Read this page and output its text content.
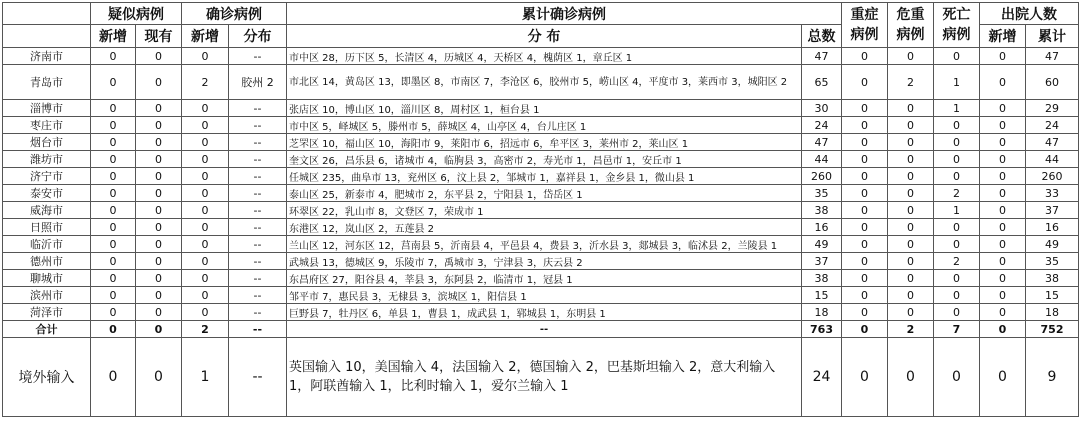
	疑似病例		确诊病例		累计确诊病例		重症病例	危重病例	死亡病例	出院人数	
	新增	现有	新增	分布	分 布	总数				新增	累计
济南市	0	0	0	--	市中区 28，历下区 5，长清区 4，历城区 4，天桥区 4，槐荫区 1，章丘区 1	47	0	0	0	0	47
青岛市	0	0	2	胶州 2	市北区 14，黄岛区 13，即墨区 8，市南区 7，李沧区 6，胶州市 5，崂山区 4，平度市 3，莱西市 3，城阳区 2	65	0	2	1	0	60
淄博市	0	0	0	--	张店区 10，博山区 10，淄川区 8，周村区 1，桓台县 1	30	0	0	1	0	29
枣庄市	0	0	0	--	市中区 5，峄城区 5，滕州市 5，薛城区 4，山亭区 4，台儿庄区 1	24	0	0	0	0	24
烟台市	0	0	0	--	芝罘区 10，福山区 10，海阳市 9，莱阳市 6，招远市 6，牟平区 3，莱州市 2，莱山区 1	47	0	0	0	0	47
潍坊市	0	0	0	--	奎文区 26，昌乐县 6，诸城市 4，临朐县 3，高密市 2，寿光市 1，昌邑市 1，安丘市 1	44	0	0	0	0	44
济宁市	0	0	0	--	任城区 235，曲阜市 13，兖州区 6，汶上县 2，邹城市 1，嘉祥县 1，金乡县 1，微山县 1	260	0	0	0	0	260
泰安市	0	0	0	--	泰山区 25，新泰市 4，肥城市 2，东平县 2，宁阳县 1，岱岳区 1	35	0	0	2	0	33
威海市	0	0	0	--	环翠区 22，乳山市 8，文登区 7，荣成市 1	38	0	0	1	0	37
日照市	0	0	0	--	东港区 12，岚山区 2，五莲县 2	16	0	0	0	0	16
临沂市	0	0	0	--	兰山区 12，河东区 12，莒南县 5，沂南县 4，平邑县 4，费县 3，沂水县 3，郯城县 3，临沭县 2，兰陵县 1	49	0	0	0	0	49
德州市	0	0	0	--	武城县 13，德城区 9，乐陵市 7，禹城市 3，宁津县 3，庆云县 2	37	0	0	2	0	35
聊城市	0	0	0	--	东昌府区 27，阳谷县 4，莘县 3，东阿县 2，临清市 1，冠县 1	38	0	0	0	0	38
滨州市	0	0	0	--	邹平市 7，惠民县 3，无棣县 3，滨城区 1，阳信县 1	15	0	0	0	0	15
菏泽市	0	0	0	--	巨野县 7，牡丹区 6，单县 1，曹县 1，成武县 1，郓城县 1，东明县 1	18	0	0	0	0	18
合计	0	0	2	--	--	763	0	2	7	0	752
境外输入	0	0	1	--	英国输入 10，美国输入 4，法国输入 2，德国输入 2，巴基斯坦输入 2，意大利输入 1，阿联酋输入 1，比利时输入 1，爱尔兰输入 1	24	0	0	0	0	9
